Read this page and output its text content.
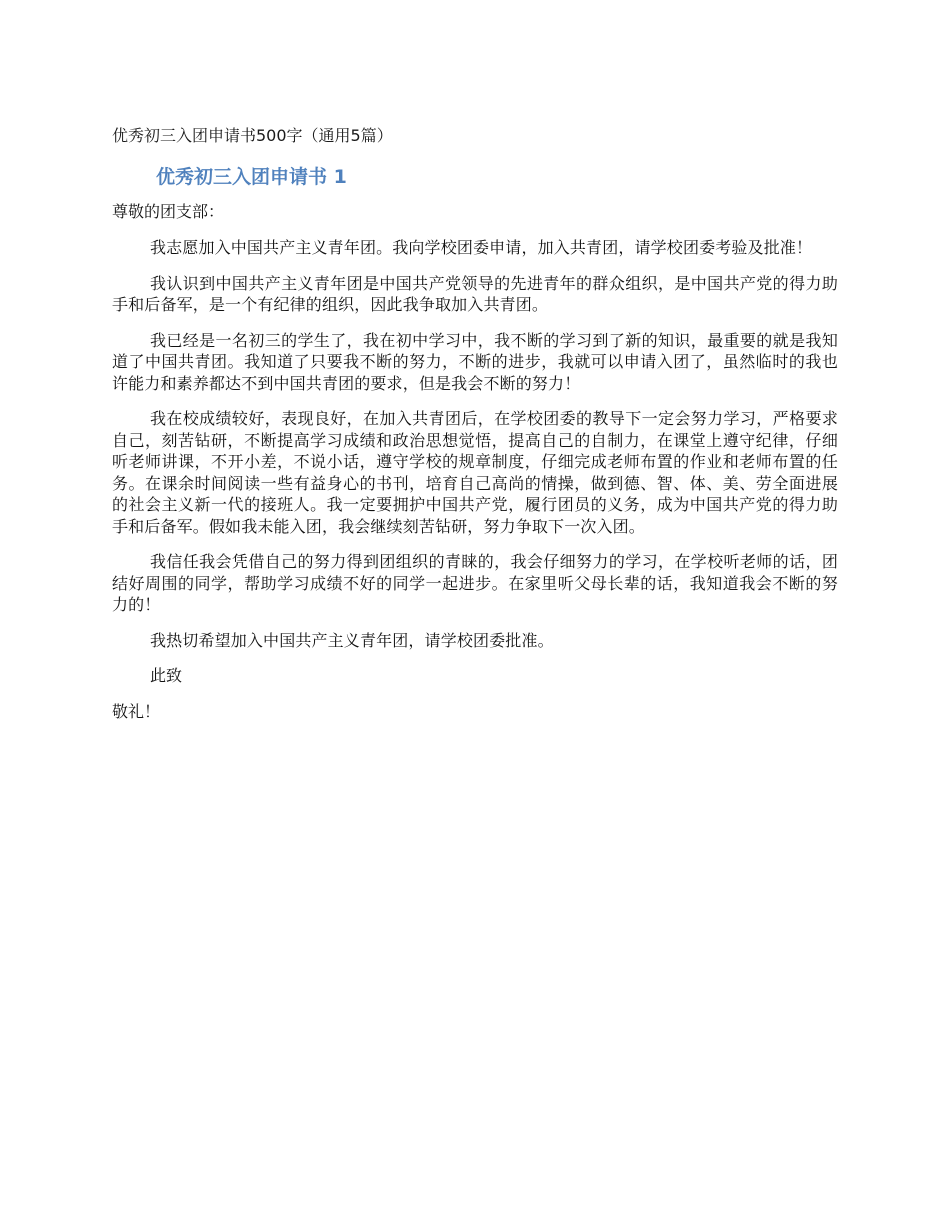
优秀初三入团申请书500字（通用5篇）

优秀初三入团申请书 1

尊敬的团支部：

我志愿加入中国共产主义青年团。我向学校团委申请，加入共青团，请学校团委考验及批准！

我认识到中国共产主义青年团是中国共产党领导的先进青年的群众组织，是中国共产党的得力助手和后备军，是一个有纪律的组织，因此我争取加入共青团。

我已经是一名初三的学生了，我在初中学习中，我不断的学习到了新的知识，最重要的就是我知道了中国共青团。我知道了只要我不断的努力，不断的进步，我就可以申请入团了，虽然临时的我也许能力和素养都达不到中国共青团的要求，但是我会不断的努力！

我在校成绩较好，表现良好，在加入共青团后，在学校团委的教导下一定会努力学习，严格要求自己，刻苦钻研，不断提高学习成绩和政治思想觉悟，提高自己的自制力，在课堂上遵守纪律，仔细听老师讲课，不开小差，不说小话，遵守学校的规章制度，仔细完成老师布置的作业和老师布置的任务。在课余时间阅读一些有益身心的书刊，培育自己高尚的情操，做到德、智、体、美、劳全面进展的社会主义新一代的接班人。我一定要拥护中国共产党，履行团员的义务，成为中国共产党的得力助手和后备军。假如我未能入团，我会继续刻苦钻研，努力争取下一次入团。

我信任我会凭借自己的努力得到团组织的青睐的，我会仔细努力的学习，在学校听老师的话，团结好周围的同学，帮助学习成绩不好的同学一起进步。在家里听父母长辈的话，我知道我会不断的努力的！

我热切希望加入中国共产主义青年团，请学校团委批准。

此致

敬礼！
